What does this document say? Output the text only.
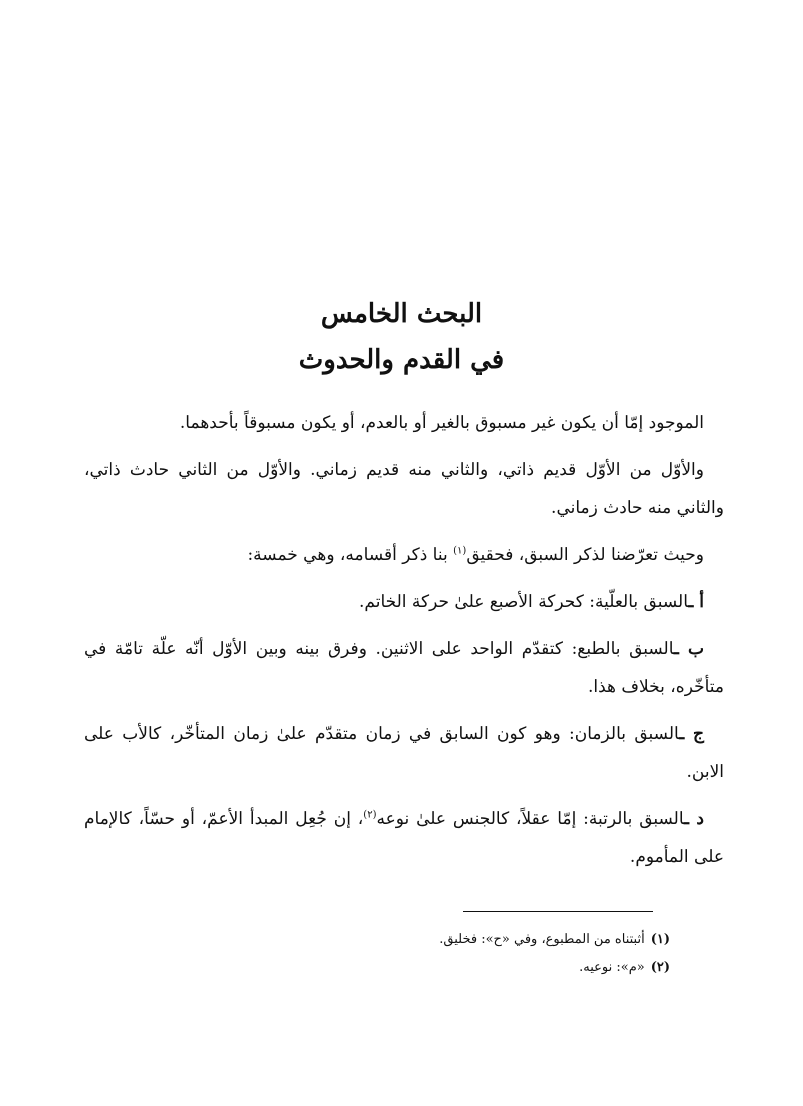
البحث الخامس
في القدم والحدوث

الموجود إمّا أن يكون غير مسبوق بالغير أو بالعدم، أو يكون مسبوقاً بأحدهما.

والأوّل من الأوّل قديم ذاتي، والثاني منه قديم زماني. والأوّل من الثاني حادث ذاتي، والثاني منه حادث زماني.

وحيث تعرّضنا لذكر السبق، فحقيق$^{(١)}$ بنا ذكر أقسامه، وهي خمسة:

أ ـالسبق بالعلّية: كحركة الأصبع علىٰ حركة الخاتم.

ب ـالسبق بالطبع: كتقدّم الواحد على الاثنين. وفرق بينه وبين الأوّل أنّه علّة تامّة في متأخّره، بخلاف هذا.

ج ـالسبق بالزمان: وهو كون السابق في زمان متقدّم علىٰ زمان المتأخّر، كالأب على الابن.

د ـالسبق بالرتبة: إمّا عقلاً، كالجنس علىٰ نوعه$^{(٢)}$، إن جُعِل المبدأ الأعمّ، أو حسّاً، كالإمام على المأموم.

(١)أثبتناه من المطبوع، وفي «ح»: فخليق.

(٢)«م»: نوعيه.
